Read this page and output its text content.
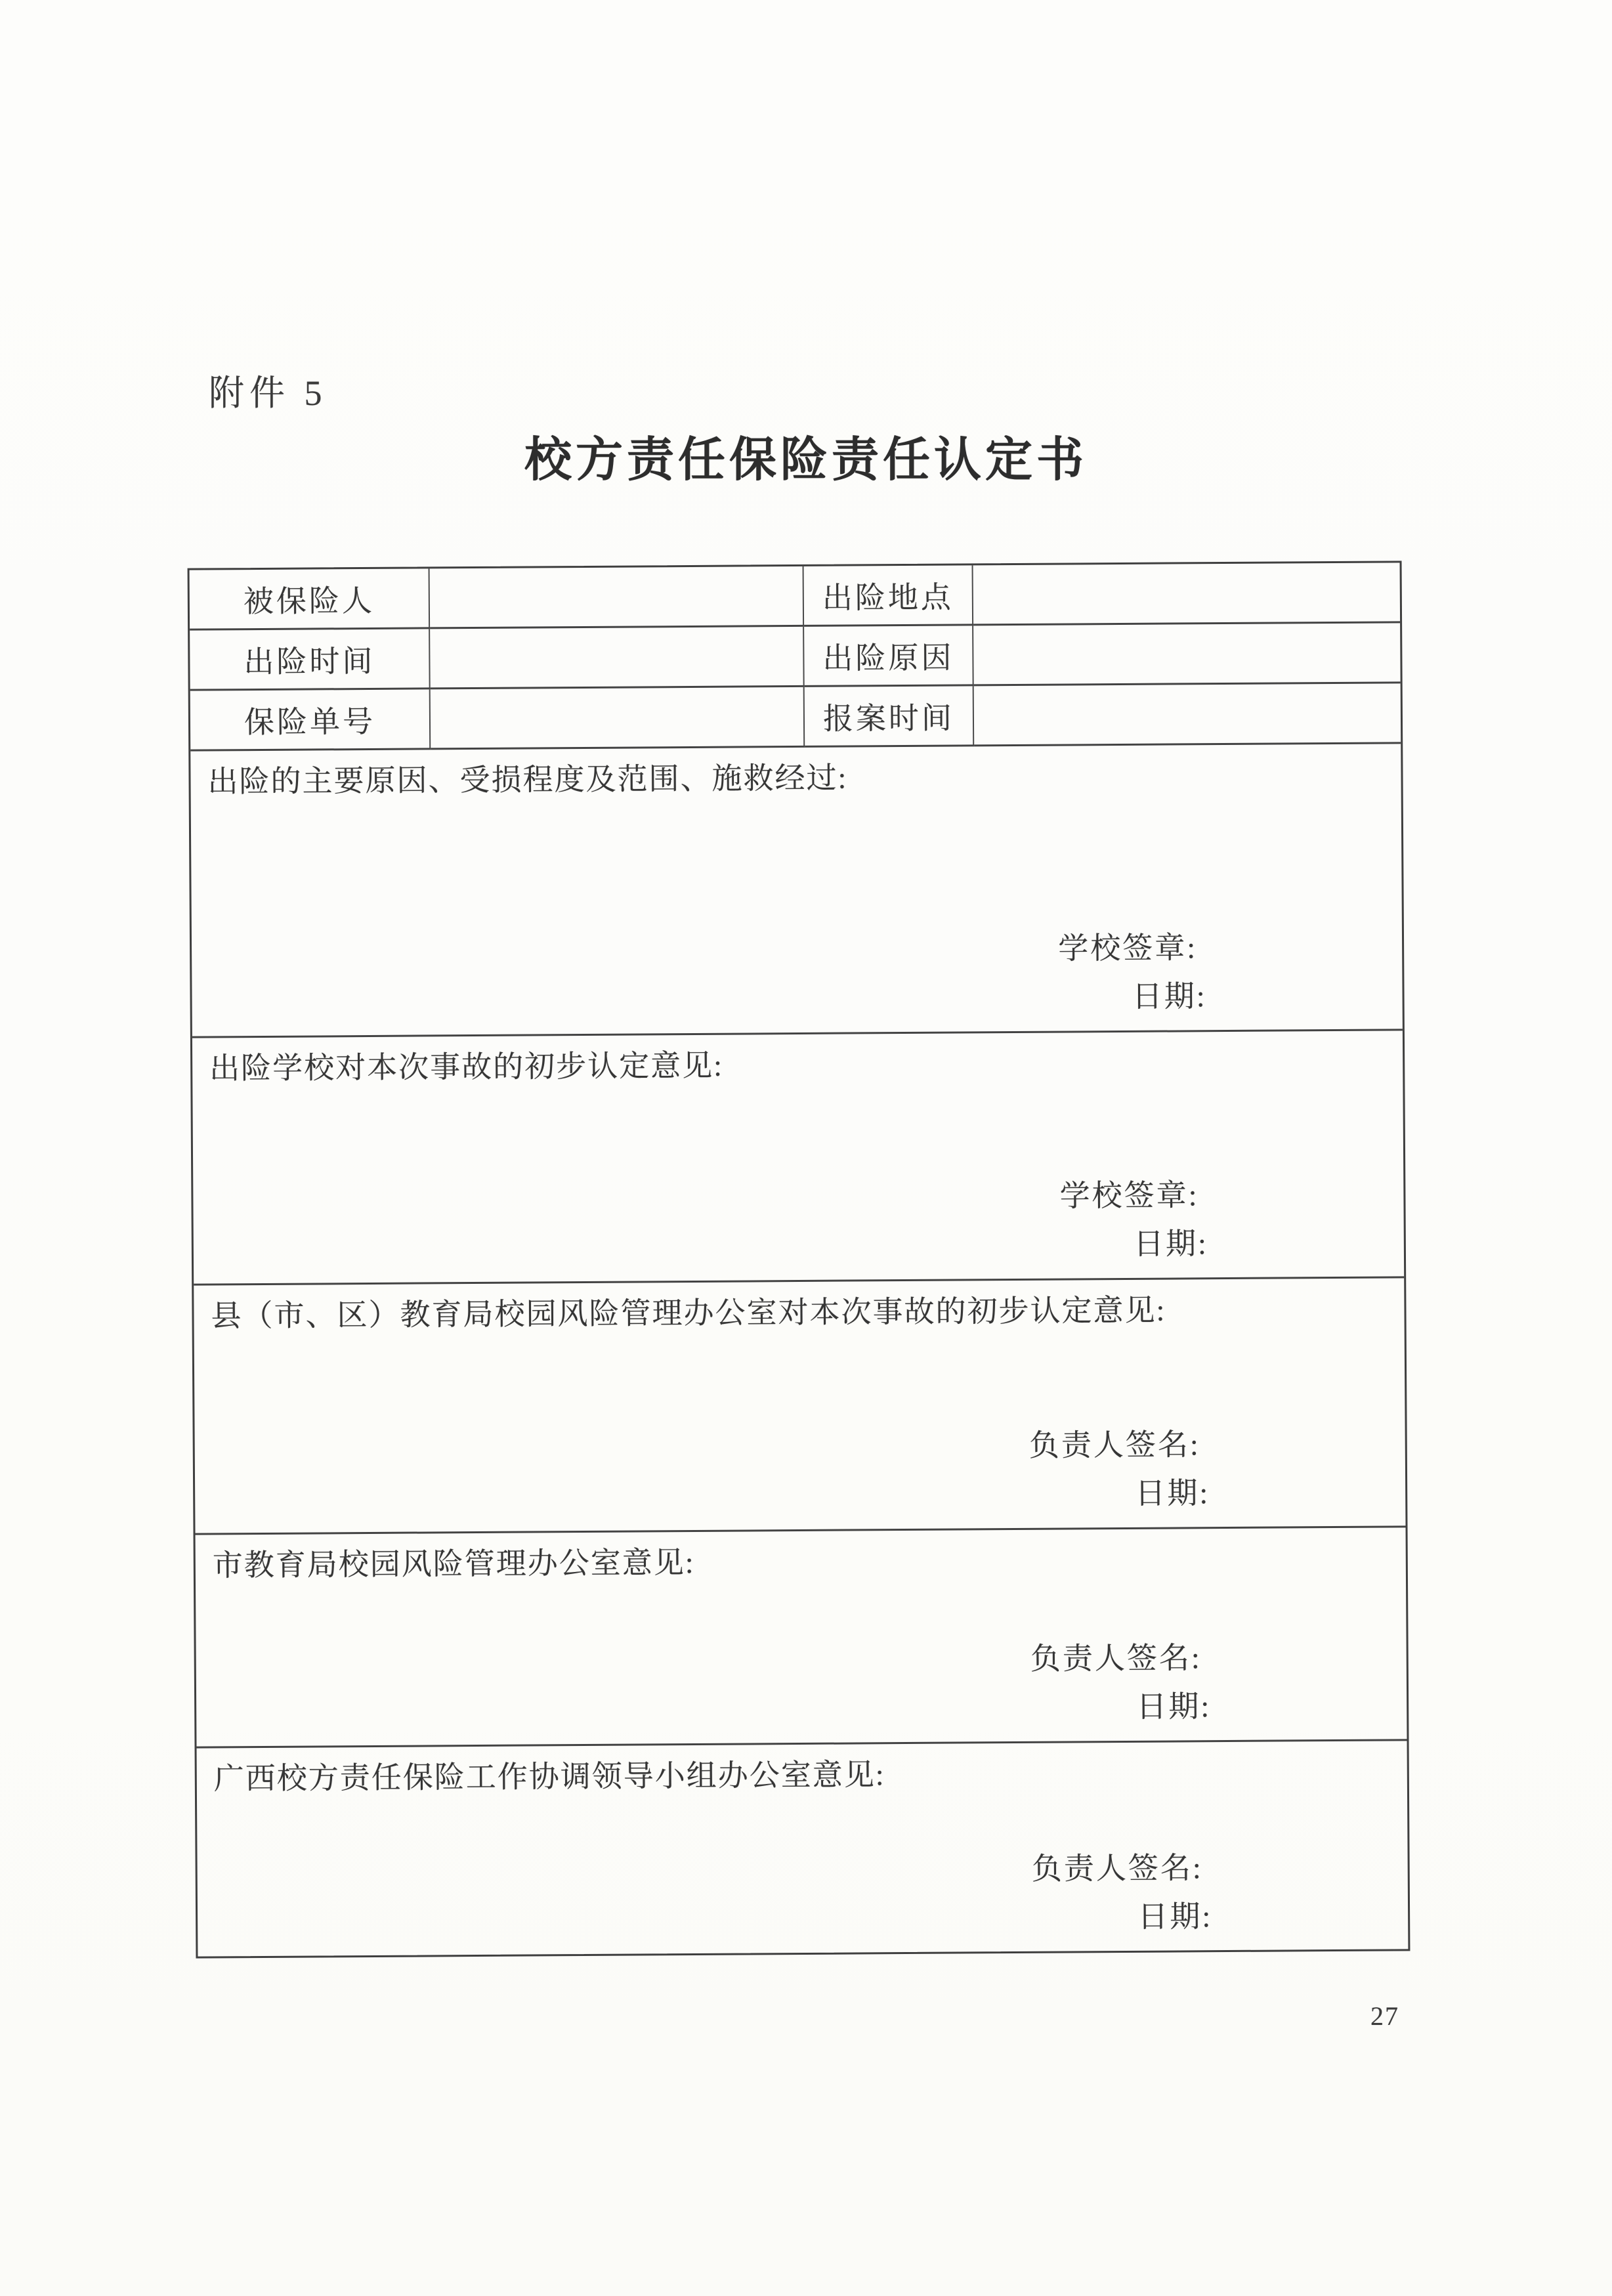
附件 5
校方责任保险责任认定书
被保险人	出险地点
出险时间	出险原因
保险单号	报案时间
出险的主要原因、受损程度及范围、施救经过:
学校签章:
日期:
出险学校对本次事故的初步认定意见:
学校签章:
日期:
县（市、区）教育局校园风险管理办公室对本次事故的初步认定意见:
负责人签名:
日期:
市教育局校园风险管理办公室意见:
负责人签名:
日期:
广西校方责任保险工作协调领导小组办公室意见:
负责人签名:
日期:
27
